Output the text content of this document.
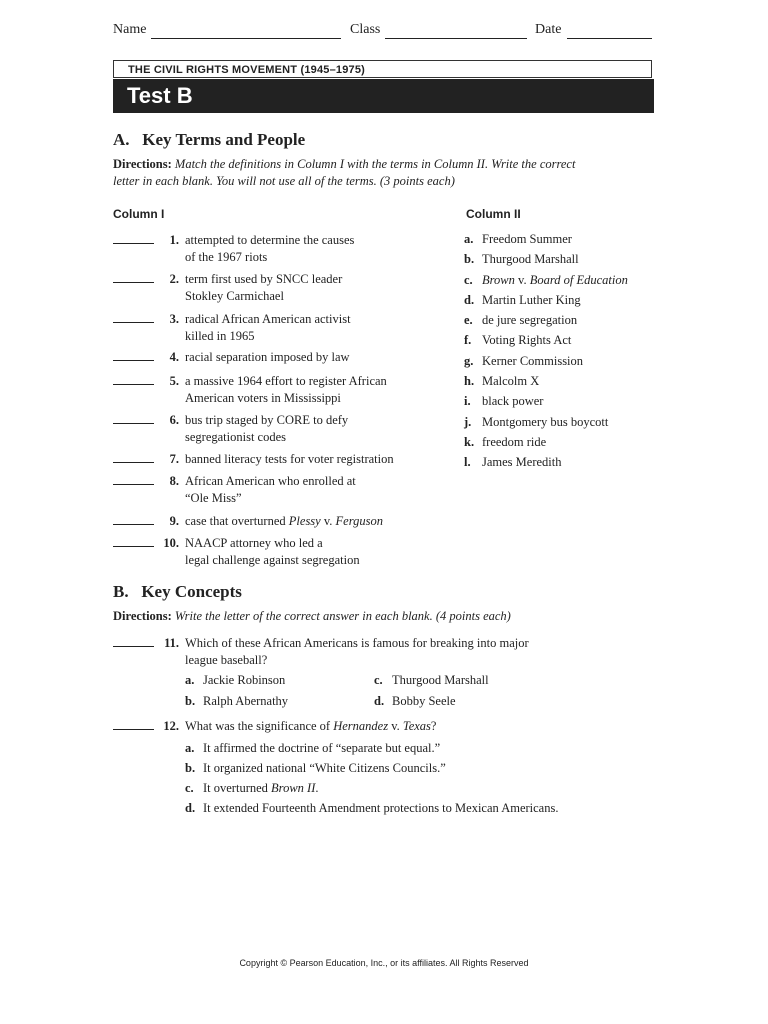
Name	Class	Date
THE CIVIL RIGHTS MOVEMENT (1945–1975)
Test B
A.   Key Terms and People
Directions: Match the definitions in Column I with the terms in Column II. Write the correct
letter in each blank. You will not use all of the terms. (3 points each)
Column I	Column II
1. attempted to determine the causes
of the 1967 riots
2. term first used by SNCC leader
Stokley Carmichael
3. radical African American activist
killed in 1965
4. racial separation imposed by law
5. a massive 1964 effort to register African
American voters in Mississippi
6. bus trip staged by CORE to defy
segregationist codes
7. banned literacy tests for voter registration
8. African American who enrolled at
“Ole Miss”
9. case that overturned Plessy v. Ferguson
10. NAACP attorney who led a
legal challenge against segregation
a. Freedom Summer
b. Thurgood Marshall
c. Brown v. Board of Education
d. Martin Luther King
e. de jure segregation
f. Voting Rights Act
g. Kerner Commission
h. Malcolm X
i. black power
j. Montgomery bus boycott
k. freedom ride
l. James Meredith
B.   Key Concepts
Directions: Write the letter of the correct answer in each blank. (4 points each)
11. Which of these African Americans is famous for breaking into major
league baseball?
a. Jackie Robinson
b. Ralph Abernathy
c. Thurgood Marshall
d. Bobby Seele
12. What was the significance of Hernandez v. Texas?
a. It affirmed the doctrine of “separate but equal.”
b. It organized national “White Citizens Councils.”
c. It overturned Brown II.
d. It extended Fourteenth Amendment protections to Mexican Americans.
Copyright © Pearson Education, Inc., or its affiliates. All Rights Reserved
